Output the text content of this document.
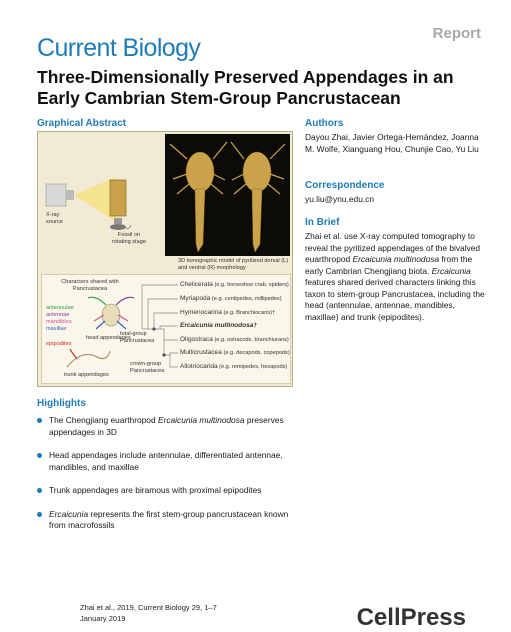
Current Biology
Report
Three-Dimensionally Preserved Appendages in an Early Cambrian Stem-Group Pancrustacean
Graphical Abstract
X-ray source
Fossil on rotating stage
3D tomographic model of pyritized dorsal (L) and ventral (R) morphology
Characters shared with Pancrustacea
antennulae
antennae
mandibles
maxillae
head appendages
epipodites
trunk appendages
total-group Pancrustacea
crown-group Pancrustacea
Chelicerata (e.g. horseshoe crab, spiders)
Myriapoda (e.g. centipedes, millipedes)
Hymenocarina (e.g. Branchiocaris)†
Ercaicunia multinodosa†
Oligostraca (e.g. ostracods, branchiurans)
Multicrustacea (e.g. decapods, copepods)
Allotriocarida (e.g. remipedes, hexapods)
Authors
Dayou Zhai, Javier Ortega-Hernández, Joanna M. Wolfe, Xianguang Hou, Chunjie Cao, Yu Liu
Correspondence
yu.liu@ynu.edu.cn
In Brief
Zhai et al. use X-ray computed tomography to reveal the pyritized appendages of the bivalved euarthropod Ercaicunia multinodosa from the early Cambrian Chengjiang biota. Ercaicunia features shared derived characters linking this taxon to stem-group Pancrustacea, including the head (antennulae, antennae, mandibles, maxillae) and trunk (epipodites).
Highlights
The Chengjiang euarthropod Ercaicunia multinodosa preserves appendages in 3D
Head appendages include antennulae, differentiated antennae, mandibles, and maxillae
Trunk appendages are biramous with proximal epipodites
Ercaicunia represents the first stem-group pancrustacean known from macrofossils
Zhai et al., 2019, Current Biology 29, 1–7
January 2019	CellPress
